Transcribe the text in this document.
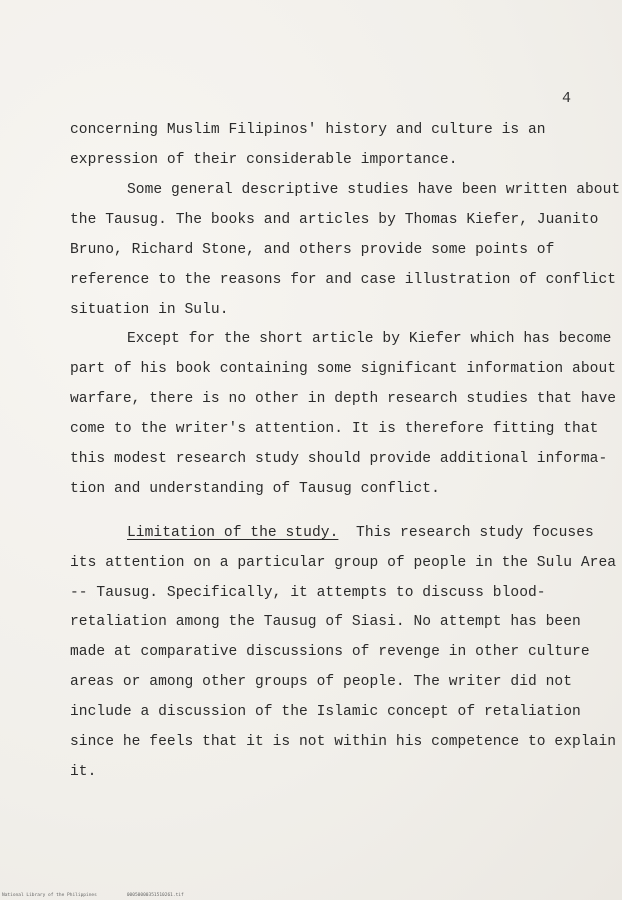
4
concerning Muslim Filipinos' history and culture is an
expression of their considerable importance.
Some general descriptive studies have been written about
the Tausug. The books and articles by Thomas Kiefer, Juanito
Bruno, Richard Stone, and others provide some points of
reference to the reasons for and case illustration of conflict
situation in Sulu.
Except for the short article by Kiefer which has become
part of his book containing some significant information about
warfare, there is no other in depth research studies that have
come to the writer's attention. It is therefore fitting that
this modest research study should provide additional informa-
tion and understanding of Tausug conflict.
Limitation of the study.  This research study focuses
its attention on a particular group of people in the Sulu Area
-- Tausug. Specifically, it attempts to discuss blood-
retaliation among the Tausug of Siasi. No attempt has been
made at comparative discussions of revenge in other culture
areas or among other groups of people. The writer did not
include a discussion of the Islamic concept of retaliation
since he feels that it is not within his competence to explain
it.
National Library of the Philippines	00050000351510261.tif
